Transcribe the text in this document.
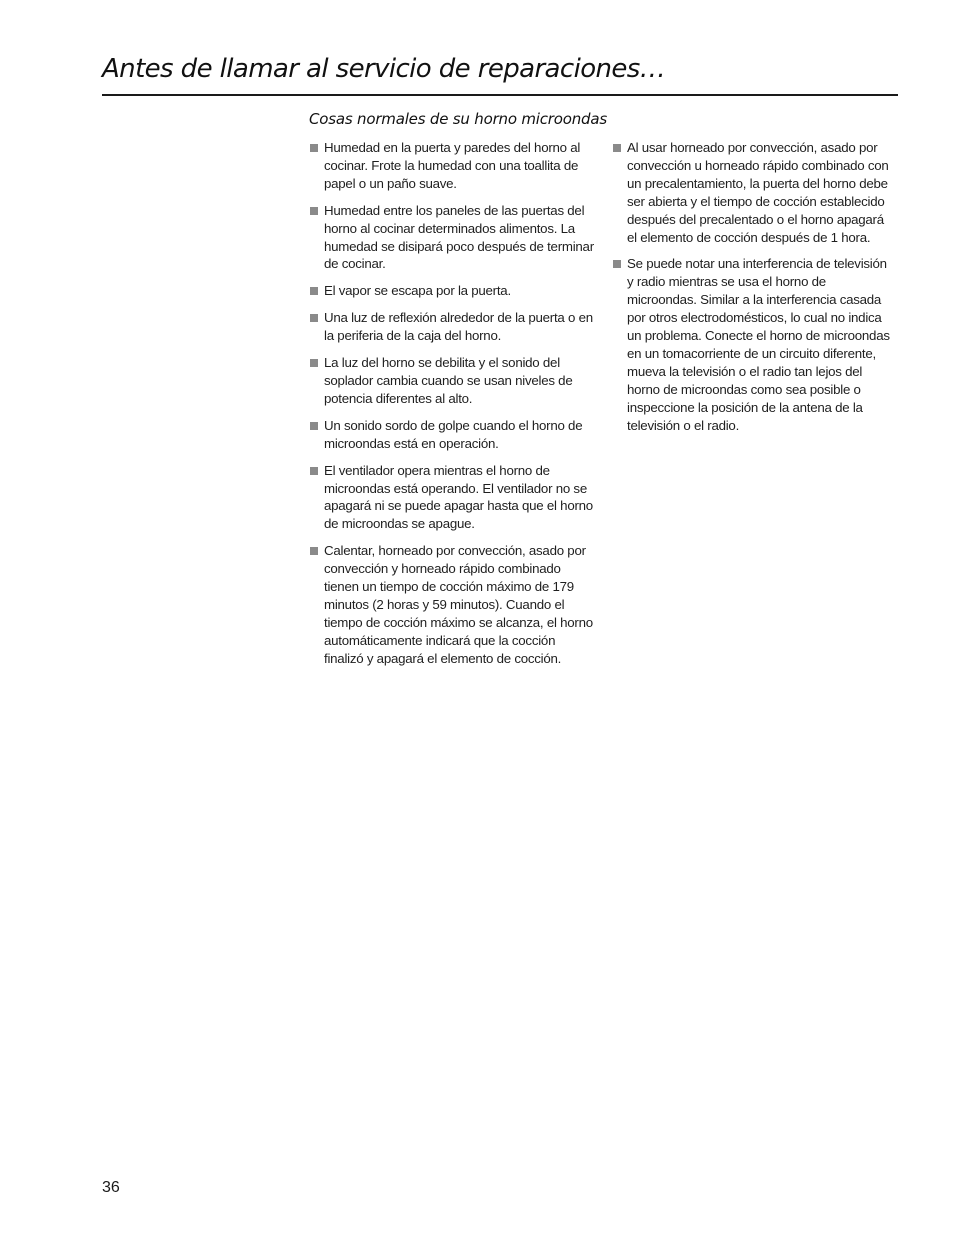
Antes de llamar al servicio de reparaciones…
Cosas normales de su horno microondas
Humedad en la puerta y paredes del horno al cocinar. Frote la humedad con una toallita de papel o un paño suave.
Humedad entre los paneles de las puertas del horno al cocinar determinados alimentos. La humedad se disipará poco después de terminar de cocinar.
El vapor se escapa por la puerta.
Una luz de reflexión alrededor de la puerta o en la periferia de la caja del horno.
La luz del horno se debilita y el sonido del soplador cambia cuando se usan niveles de potencia diferentes al alto.
Un sonido sordo de golpe cuando el horno de microondas está en operación.
El ventilador opera mientras el horno de microondas está operando. El ventilador no se apagará ni se puede apagar hasta que el horno de microondas se apague.
Calentar, horneado por convección, asado por convección y horneado rápido combinado tienen un tiempo de cocción máximo de 179 minutos (2 horas y 59 minutos). Cuando el tiempo de cocción máximo se alcanza, el horno automáticamente indicará que la cocción finalizó y apagará el elemento de cocción.
Al usar horneado por convección, asado por convección u horneado rápido combinado con un precalentamiento, la puerta del horno debe ser abierta y el tiempo de cocción establecido después del precalentado o el horno apagará el elemento de cocción después de 1 hora.
Se puede notar una interferencia de televisión y radio mientras se usa el horno de microondas. Similar a la interferencia casada por otros electrodomésticos, lo cual no indica un problema. Conecte el horno de microondas en un tomacorriente de un circuito diferente, mueva la televisión o el radio tan lejos del horno de microondas como sea posible o inspeccione la posición de la antena de la televisión o el radio.

36
